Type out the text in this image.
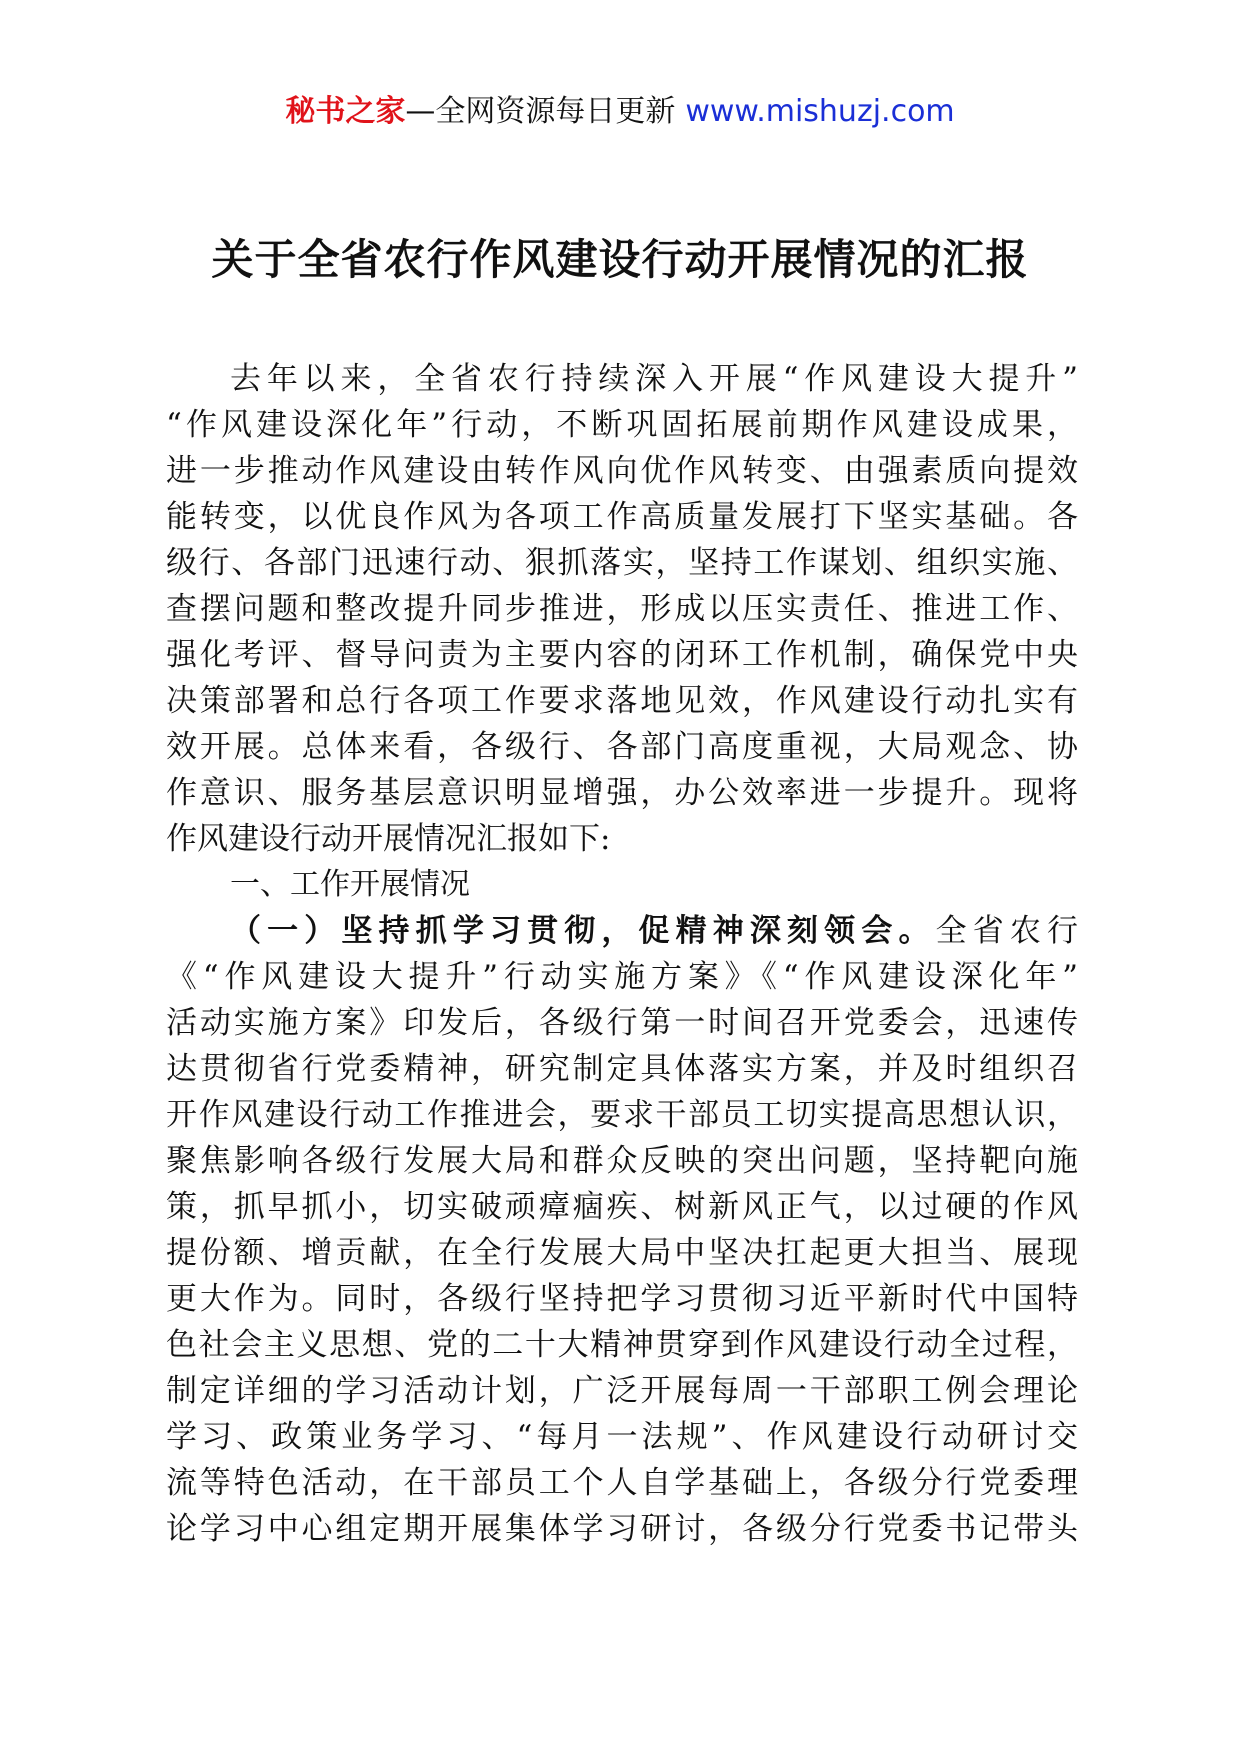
秘书之家—全网资源每日更新 www.mishuzj.com
关于全省农行作风建设行动开展情况的汇报
去年以来，全省农行持续深入开展“作风建设大提升”
“作风建设深化年”行动，不断巩固拓展前期作风建设成果，
进一步推动作风建设由转作风向优作风转变、由强素质向提效
能转变，以优良作风为各项工作高质量发展打下坚实基础。各
级行、各部门迅速行动、狠抓落实，坚持工作谋划、组织实施、
查摆问题和整改提升同步推进，形成以压实责任、推进工作、
强化考评、督导问责为主要内容的闭环工作机制，确保党中央
决策部署和总行各项工作要求落地见效，作风建设行动扎实有
效开展。总体来看，各级行、各部门高度重视，大局观念、协
作意识、服务基层意识明显增强，办公效率进一步提升。现将
作风建设行动开展情况汇报如下:
一、工作开展情况
（一）坚持抓学习贯彻，促精神深刻领会。全省农行
《“作风建设大提升”行动实施方案》《“作风建设深化年”
活动实施方案》印发后，各级行第一时间召开党委会，迅速传
达贯彻省行党委精神，研究制定具体落实方案，并及时组织召
开作风建设行动工作推进会，要求干部员工切实提高思想认识，
聚焦影响各级行发展大局和群众反映的突出问题，坚持靶向施
策，抓早抓小，切实破顽瘴痼疾、树新风正气，以过硬的作风
提份额、增贡献，在全行发展大局中坚决扛起更大担当、展现
更大作为。同时，各级行坚持把学习贯彻习近平新时代中国特
色社会主义思想、党的二十大精神贯穿到作风建设行动全过程，
制定详细的学习活动计划，广泛开展每周一干部职工例会理论
学习、政策业务学习、“每月一法规”、作风建设行动研讨交
流等特色活动，在干部员工个人自学基础上，各级分行党委理
论学习中心组定期开展集体学习研讨，各级分行党委书记带头
